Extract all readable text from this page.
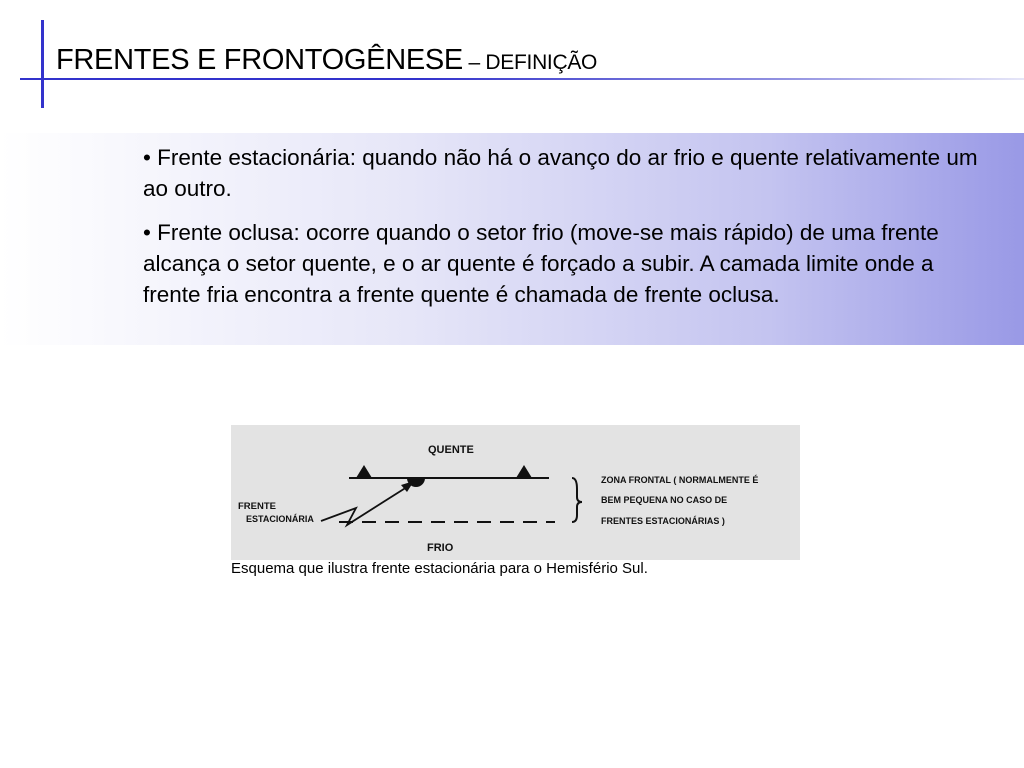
FRENTES E FRONTOGÊNESE – DEFINIÇÃO

• Frente estacionária: quando não há o avanço do ar frio e quente relativamente um ao outro.

• Frente oclusa: ocorre quando o setor frio (move-se mais rápido) de uma frente alcança o setor quente, e o ar quente é forçado a subir. A camada limite onde a frente fria encontra a frente quente é chamada de frente oclusa.

QUENTE
FRIO
FRENTE
ESTACIONÁRIA
ZONA FRONTAL ( NORMALMENTE É
BEM PEQUENA NO CASO DE
FRENTES ESTACIONÁRIAS )
Esquema que ilustra frente estacionária para o Hemisfério Sul.
